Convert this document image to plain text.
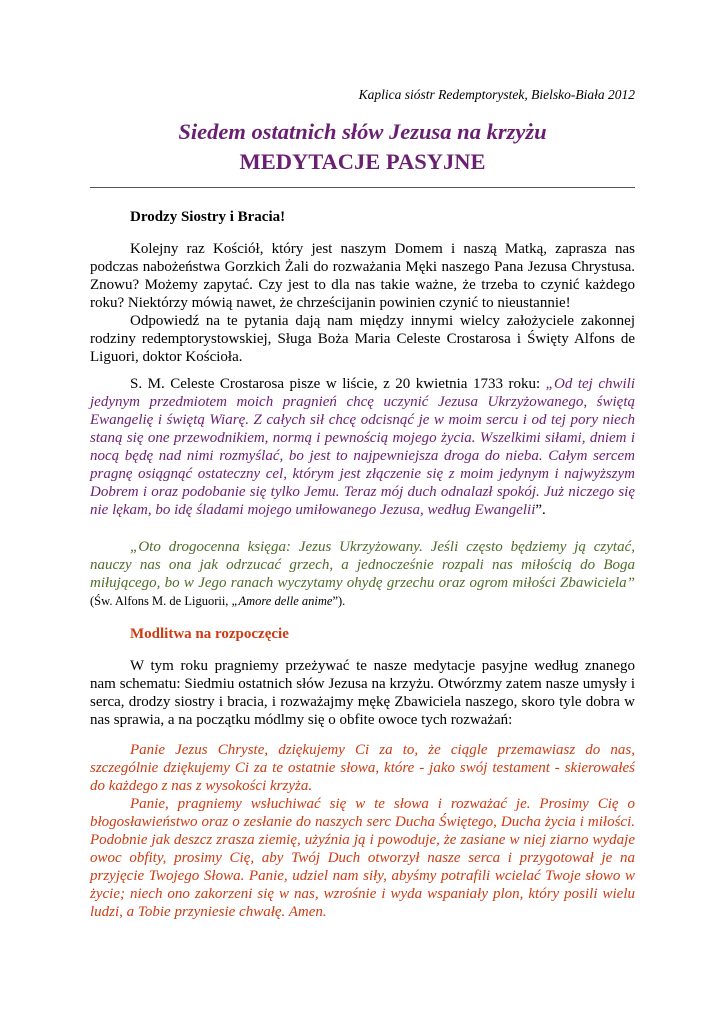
Kaplica sióstr Redemptorystek, Bielsko-Biała 2012
Siedem ostatnich słów Jezusa na krzyżu
MEDYTACJE PASYJNE
Drodzy Siostry i Bracia!

Kolejny raz Kościół, który jest naszym Domem i naszą Matką, zaprasza nas podczas nabożeństwa Gorzkich Żali do rozważania Męki naszego Pana Jezusa Chrystusa. Znowu? Możemy zapytać. Czy jest to dla nas takie ważne, że trzeba to czynić każdego roku? Niektórzy mówią nawet, że chrześcijanin powinien czynić to nieustannie!

Odpowiedź na te pytania dają nam między innymi wielcy założyciele zakonnej rodziny redemptorystowskiej, Sługa Boża Maria Celeste Crostarosa i Święty Alfons de Liguori, doktor Kościoła.

S. M. Celeste Crostarosa pisze w liście, z 20 kwietnia 1733 roku: „Od tej chwili jedynym przedmiotem moich pragnień chcę uczynić Jezusa Ukrzyżowanego, świętą Ewangelię i świętą Wiarę. Z całych sił chcę odcisnąć je w moim sercu i od tej pory niech staną się one przewodnikiem, normą i pewnością mojego życia. Wszelkimi siłami, dniem i nocą będę nad nimi rozmyślać, bo jest to najpewniejsza droga do nieba. Całym sercem pragnę osiągnąć ostateczny cel, którym jest złączenie się z moim jedynym i najwyższym Dobrem i oraz podobanie się tylko Jemu. Teraz mój duch odnalazł spokój. Już niczego się nie lękam, bo idę śladami mojego umiłowanego Jezusa, według Ewangelii”.

„Oto drogocenna księga: Jezus Ukrzyżowany. Jeśli często będziemy ją czytać, nauczy nas ona jak odrzucać grzech, a jednocześnie rozpali nas miłością do Boga miłującego, bo w Jego ranach wyczytamy ohydę grzechu oraz ogrom miłości Zbawiciela” (Św. Alfons M. de Liguorii, „Amore delle anime”).

Modlitwa na rozpoczęcie

W tym roku pragniemy przeżywać te nasze medytacje pasyjne według znanego nam schematu: Siedmiu ostatnich słów Jezusa na krzyżu. Otwórzmy zatem nasze umysły i serca, drodzy siostry i bracia, i rozważajmy mękę Zbawiciela naszego, skoro tyle dobra w nas sprawia, a na początku módlmy się o obfite owoce tych rozważań:

Panie Jezus Chryste, dziękujemy Ci za to, że ciągle przemawiasz do nas, szczególnie dziękujemy Ci za te ostatnie słowa, które - jako swój testament - skierowałeś do każdego z nas z wysokości krzyża.

Panie, pragniemy wsłuchiwać się w te słowa i rozważać je. Prosimy Cię o błogosławieństwo oraz o zesłanie do naszych serc Ducha Świętego, Ducha życia i miłości. Podobnie jak deszcz zrasza ziemię, użyźnia ją i powoduje, że zasiane w niej ziarno wydaje owoc obfity, prosimy Cię, aby Twój Duch otworzył nasze serca i przygotował je na przyjęcie Twojego Słowa. Panie, udziel nam siły, abyśmy potrafili wcielać Twoje słowo w życie; niech ono zakorzeni się w nas, wzrośnie i wyda wspaniały plon, który posili wielu ludzi, a Tobie przyniesie chwałę. Amen.
